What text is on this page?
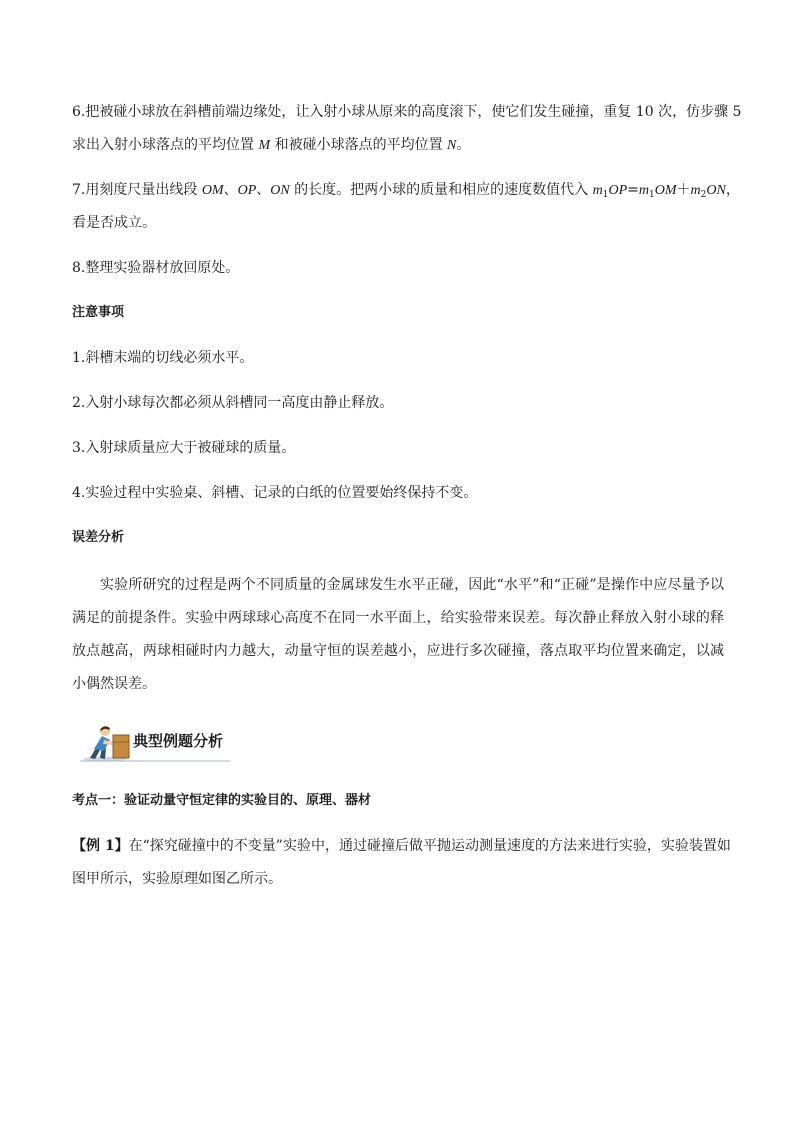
6.把被碰小球放在斜槽前端边缘处，让入射小球从原来的高度滚下，使它们发生碰撞，重复 10 次，仿步骤 5
求出入射小球落点的平均位置 M 和被碰小球落点的平均位置 N。
7.用刻度尺量出线段 OM、OP、ON 的长度。把两小球的质量和相应的速度数值代入 $m_1OP=m_1OM+m_2ON$，
看是否成立。
8.整理实验器材放回原处。
注意事项
1.斜槽末端的切线必须水平。
2.入射小球每次都必须从斜槽同一高度由静止释放。
3.入射球质量应大于被碰球的质量。
4.实验过程中实验桌、斜槽、记录的白纸的位置要始终保持不变。
误差分析
实验所研究的过程是两个不同质量的金属球发生水平正碰，因此“水平”和“正碰”是操作中应尽量予以满足的前提条件。实验中两球球心高度不在同一水平面上，给实验带来误差。每次静止释放入射小球的释放点越高，两球相碰时内力越大，动量守恒的误差越小，应进行多次碰撞，落点取平均位置来确定，以减小偶然误差。
典型例题分析
考点一：验证动量守恒定律的实验目的、原理、器材
【例 1】在“探究碰撞中的不变量”实验中，通过碰撞后做平抛运动测量速度的方法来进行实验，实验装置如
图甲所示，实验原理如图乙所示。
